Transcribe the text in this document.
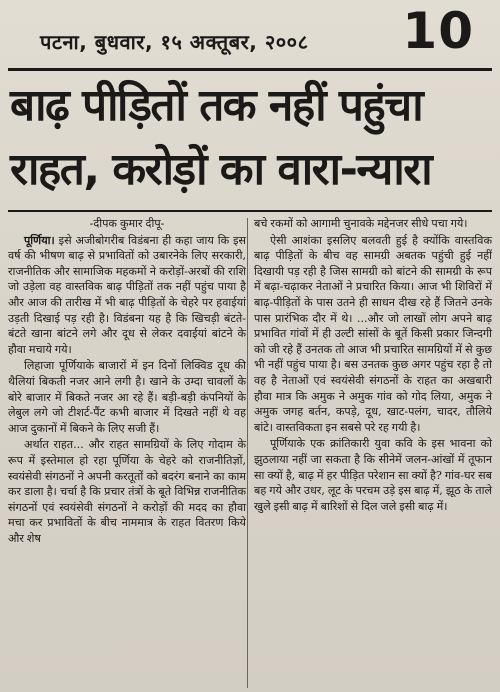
पटना, बुधवार, १५ अक्तूबर, २००८	10
बाढ़ पीड़ितों तक नहीं पहुंचा
राहत, करोड़ों का वारा-न्यारा
-दीपक कुमार दीपू-

पूर्णिया। इसे अजीबोगरीब विडंबना ही कहा जाय कि इस वर्ष की भीषण बाढ़ से प्रभावितों को उबारनेके लिए सरकारी, राजनीतिक और सामाजिक महकमों ने करोड़ों-अरबों की राशि जो उड़ेला वह वास्तविक बाढ़ पीड़ितों तक नहीं पहुंच पाया है और आज की तारीख में भी बाढ़ पीड़ितों के चेहरे पर हवाईयां उड़ती दिखाई पड़ रही है। विडंबना यह है कि खिचड़ी बंटते-बंटते खाना बांटने लगे और दूध से लेकर दवाईयां बांटने के हौवा मचाये गये।

लिहाजा पूर्णियाके बाजारों में इन दिनों लिक्विड दूध की थैलियां बिकती नजर आने लगी है। खाने के उम्दा चावलों के बोरे बाजार में बिकते नजर आ रहे हैं। बड़ी-बड़ी कंपनियों के लेबुल लगे जो टीशर्ट-पैंट कभी बाजार में दिखते नहीं थे वह आज दुकानों में बिकने के लिए सजी हैं।

अर्थात राहत... और राहत सामग्रियों के लिए गोदाम के रूप में इस्तेमाल हो रहा पूर्णिया के चेहरे को राजनीतिज्ञों, स्वयंसेवी संगठनों ने अपनी करतूतों को बदरंग बनाने का काम कर डाला है। चर्चा है कि प्रचार तंत्रों के बूते विभिन्न राजनीतिक संगठनों एवं स्वयंसेवी संगठनों ने करोड़ों की मदद का हौवा मचा कर प्रभावितों के बीच नाममात्र के राहत वितरण किये और शेष

बचे रकमों को आगामी चुनावके मद्देनजर सीधे पचा गये।

ऐसी आशंका इसलिए बलवती हुई है क्योंकि वास्तविक बाढ़ पीड़ितों के बीच वह सामग्री अबतक पहुंची हुई नहीं दिखायी पड़ रही है जिस सामग्री को बांटने की सामग्री के रूप में बढ़ा-चढ़ाकर नेताओं ने प्रचारित किया। आज भी शिविरों में बाढ़-पीड़ितों के पास उतने ही साधन दीख रहे हैं जितने उनके पास प्रारंभिक दौर में थे। ...और जो लाखों लोग अपने बाढ़ प्रभावित गांवों में ही उल्टी सांसों के बूतें किसी प्रकार जिन्दगी को जी रहे हैं उनतक तो आज भी प्रचारित सामग्रियों में से कुछ भी नहीं पहुंच पाया है। बस उनतक कुछ अगर पहुंच रहा है तो वह है नेताओं एवं स्वयंसेवी संगठनों के राहत का अखबारी हौवा मात्र कि अमुक ने अमुक गांव को गोद लिया, अमुक ने अमुक जगह बर्तन, कपड़े, दूध, खाट-पलंग, चादर, तौलिये बांटे। वास्तविकता इन सबसे परे रह गयी है।

पूर्णियाके एक क्रांतिकारी युवा कवि के इस भावना को झुठलाया नहीं जा सकता है कि सीनेमें जलन-आंखों में तूफान सा क्यों है, बाढ़ में हर पीड़ित परेशान सा क्यों है? गांव-घर सब बह गये और उधर, लूट के परचम उड़े इस बाढ़ में, झूठ के ताले खुले इसी बाढ़ में बारिशों से दिल जले इसी बाढ़ में।
